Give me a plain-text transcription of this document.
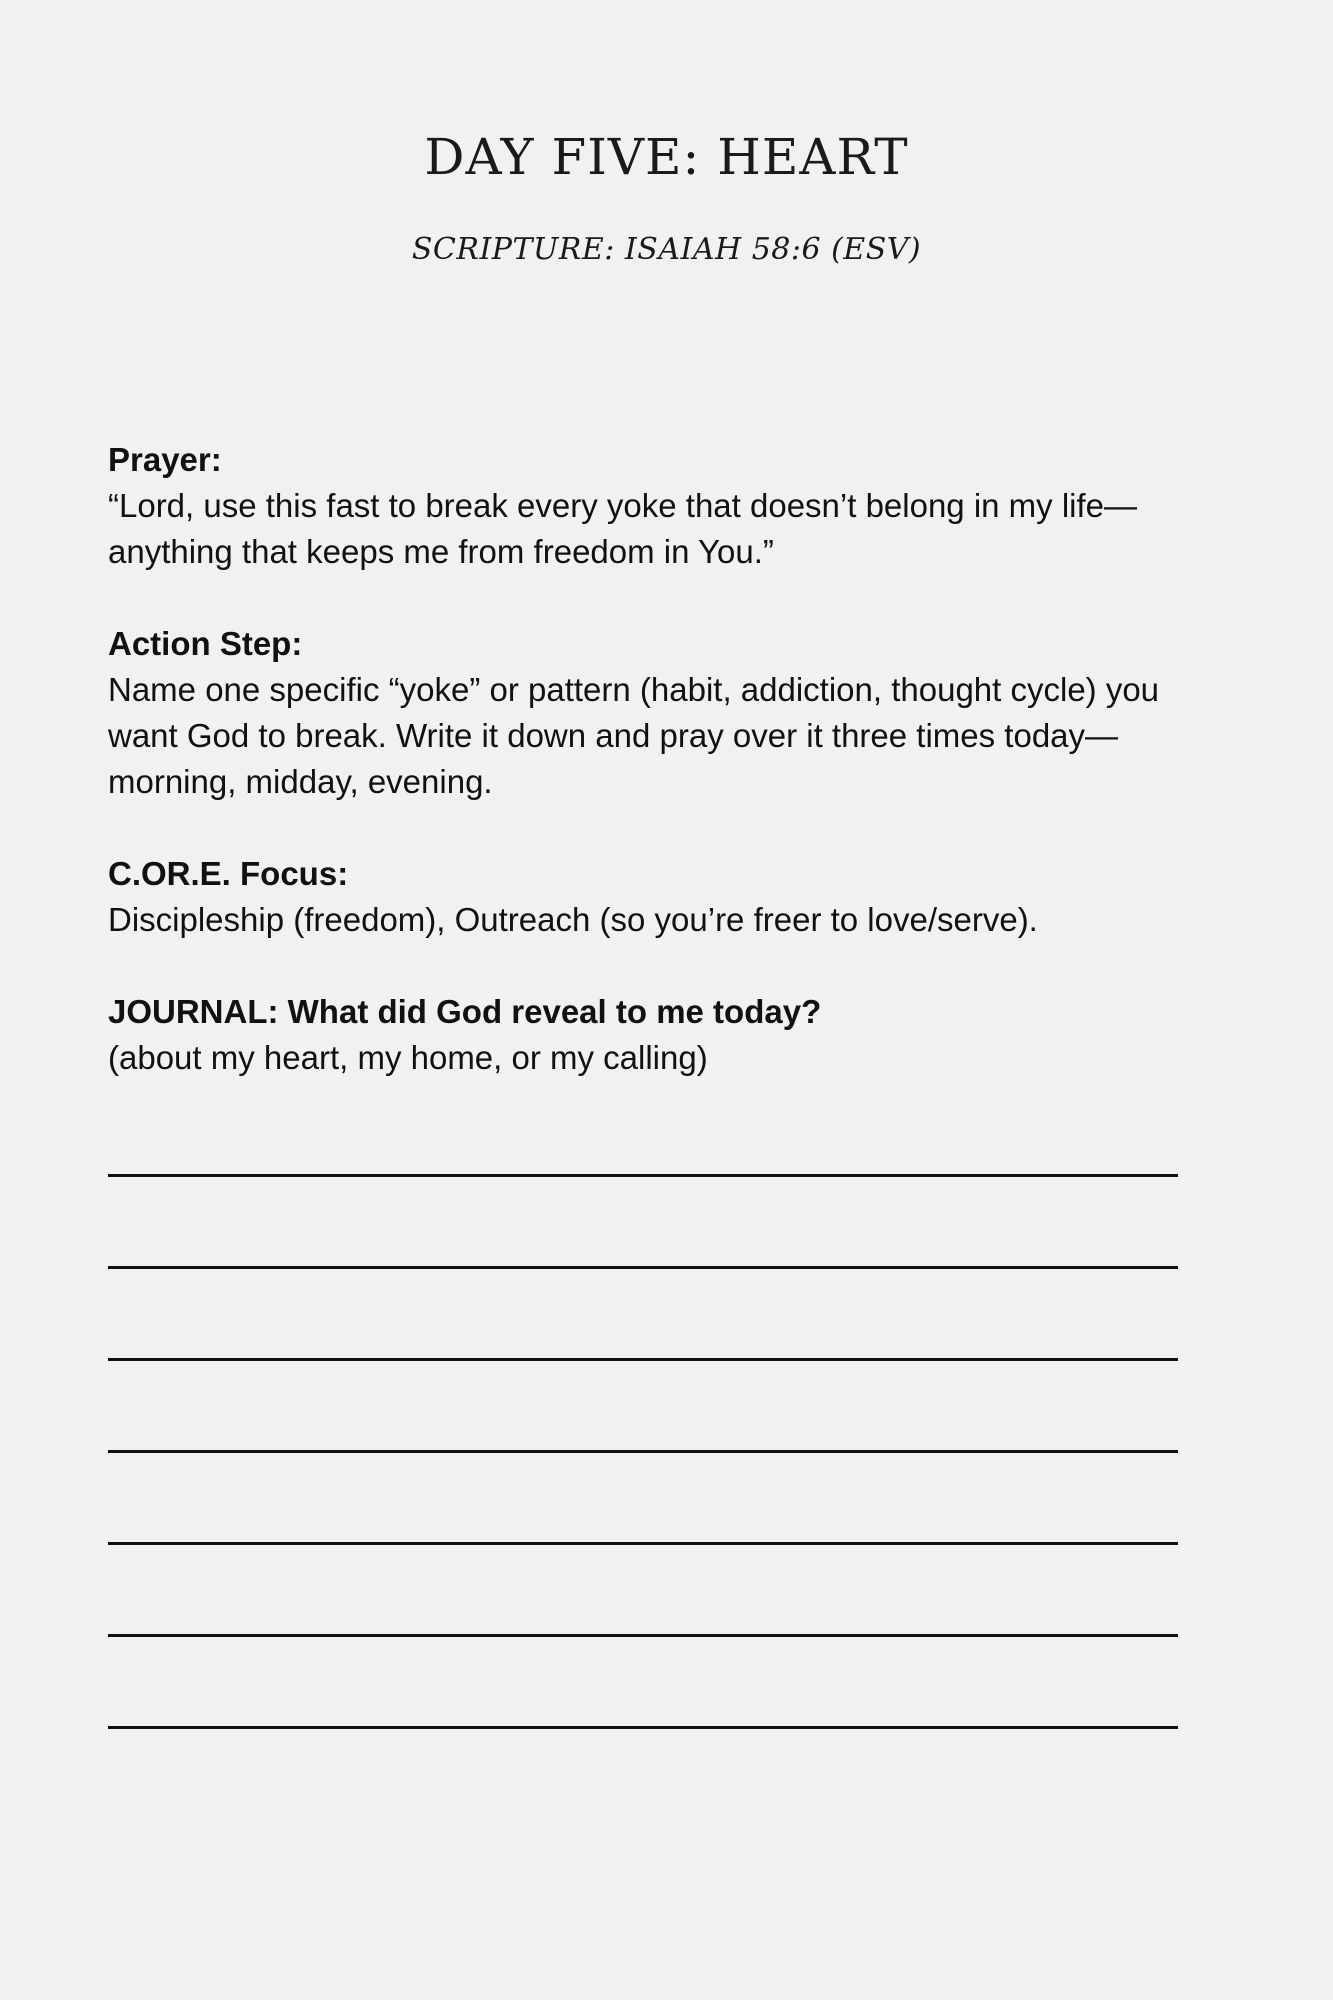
DAY FIVE: HEART
SCRIPTURE: ISAIAH 58:6 (ESV)
Prayer:

“Lord, use this fast to break every yoke that doesn’t belong in my life—anything that keeps me from freedom in You.”

Action Step:

Name one specific “yoke” or pattern (habit, addiction, thought cycle) you want God to break. Write it down and pray over it three times today—morning, midday, evening.

C.OR.E. Focus:

Discipleship (freedom), Outreach (so you’re freer to love/serve).

JOURNAL: What did God reveal to me today?

(about my heart, my home, or my calling)
